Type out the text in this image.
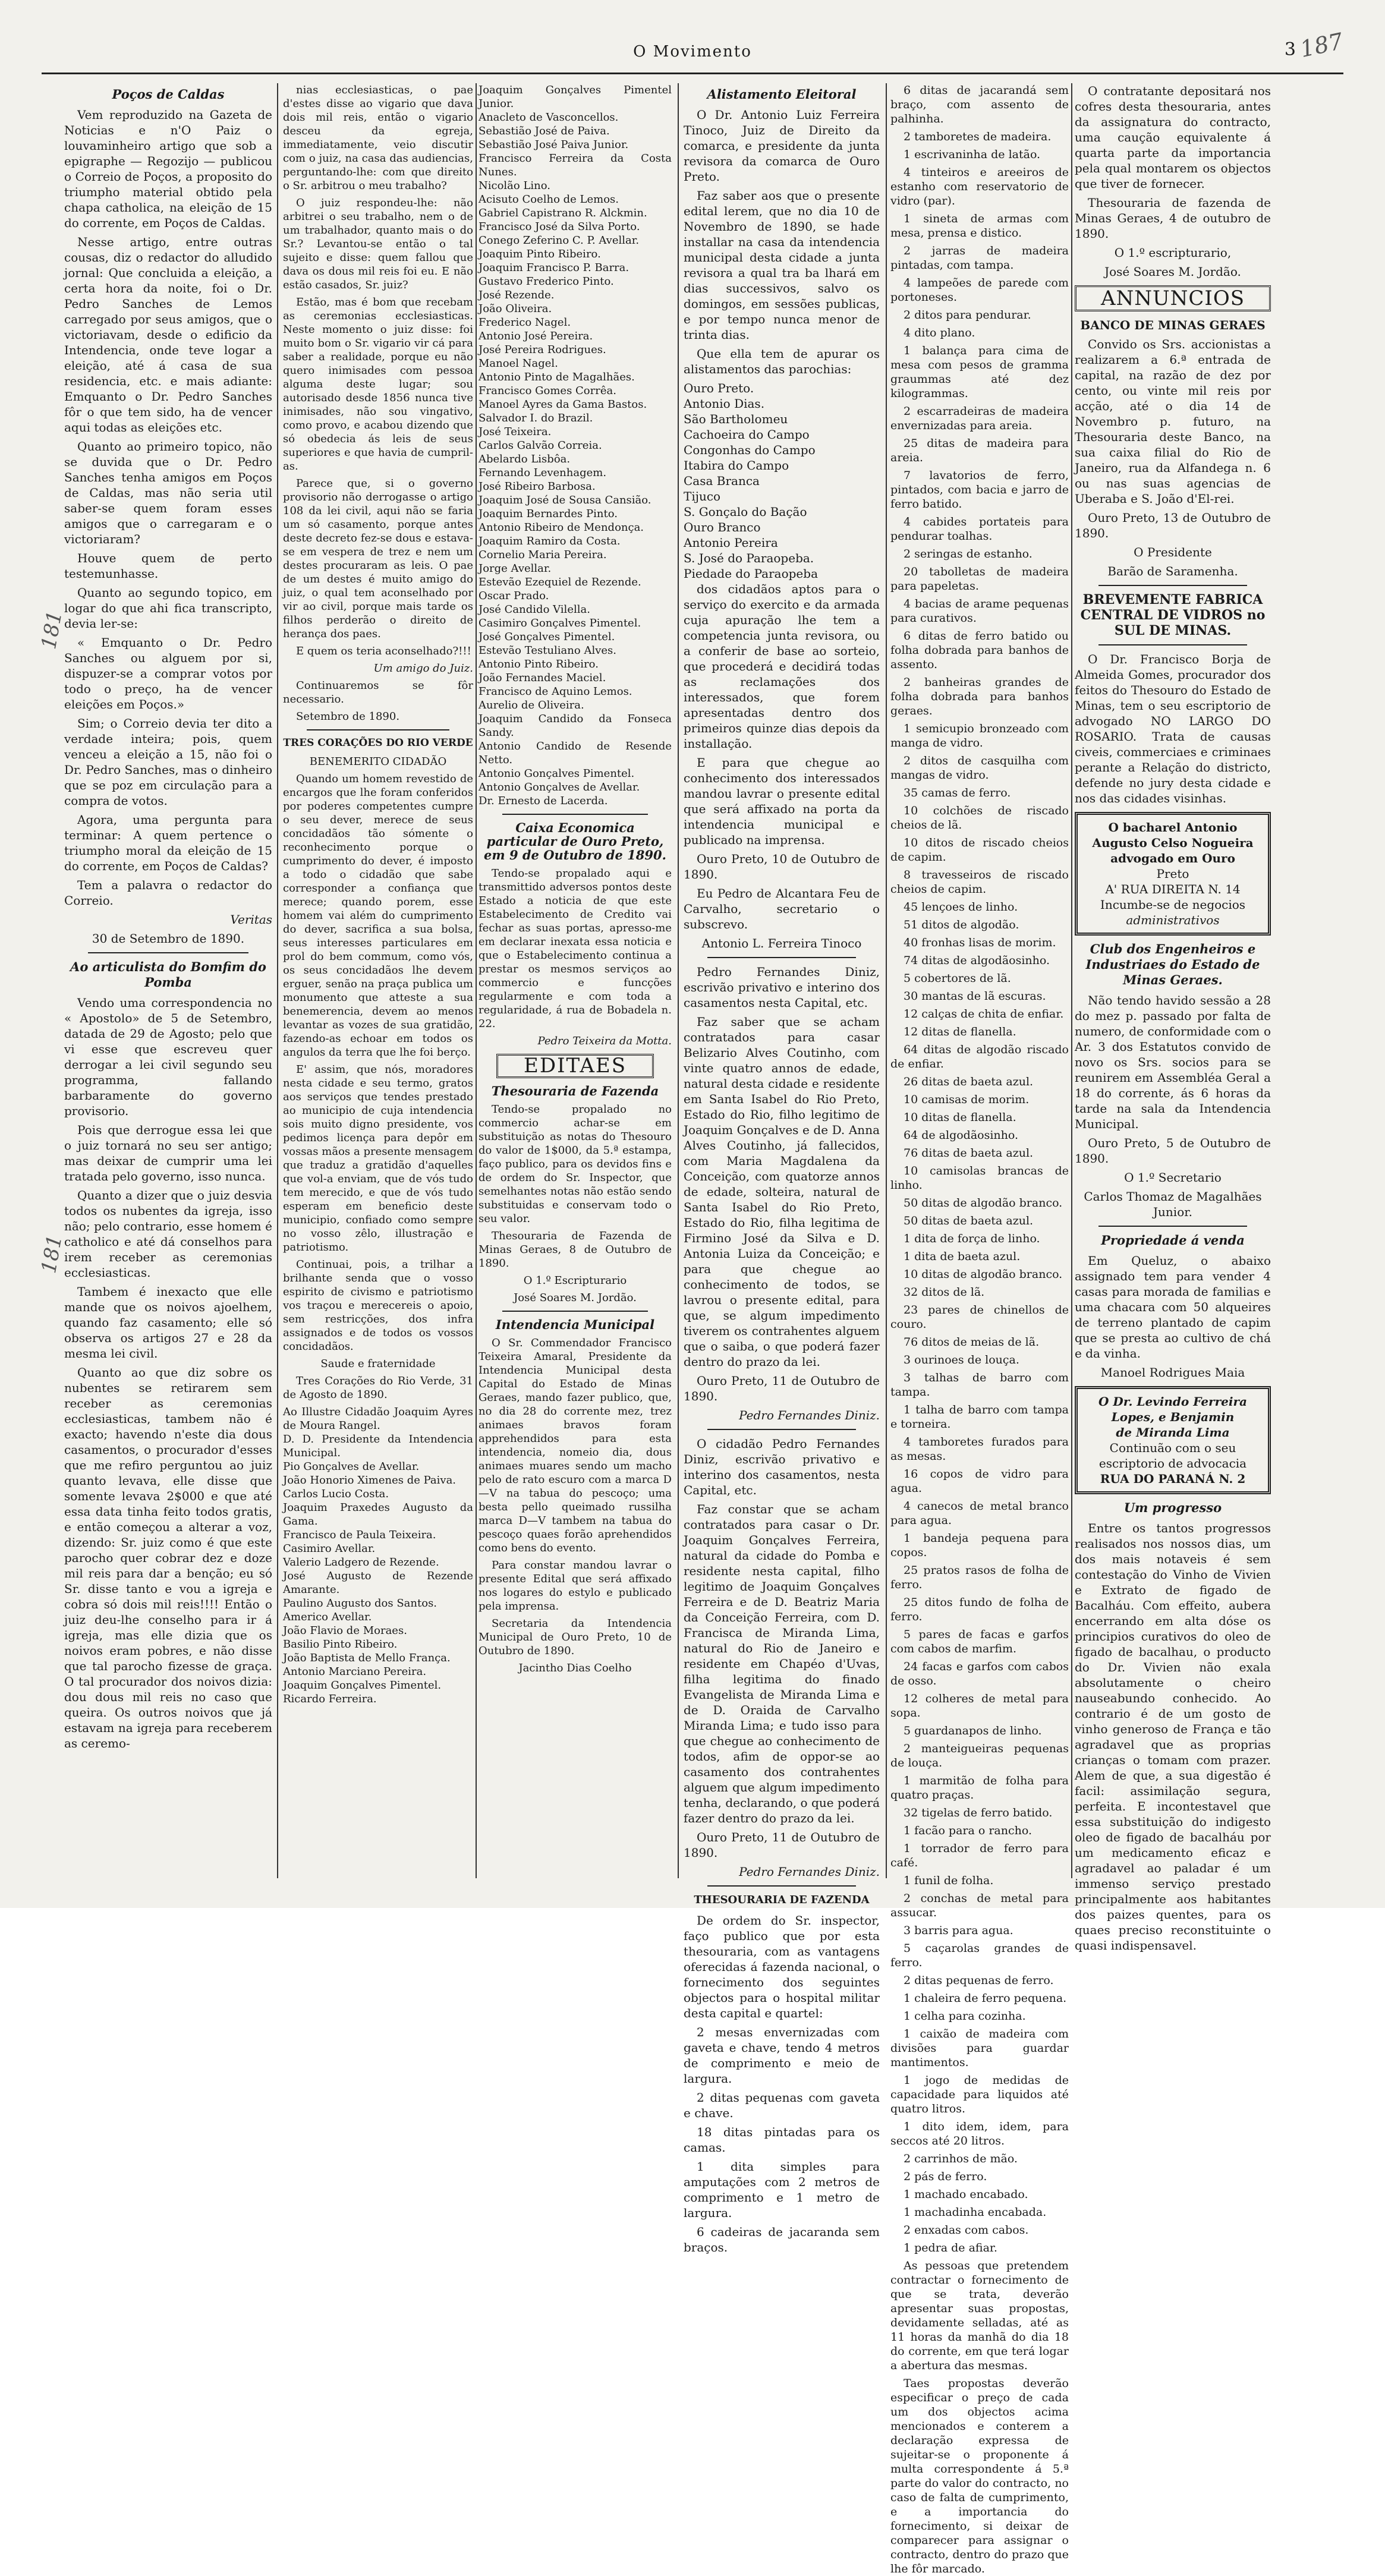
O Movimento	3 187
181
181
Poços de Caldas

Vem reproduzido na Gazeta de Noticias e n'O Paiz o louvaminheiro artigo que sob a epigraphe — Regozijo — publicou o Correio de Poços, a proposito do triumpho material obtido pela chapa catholica, na eleição de 15 do corrente, em Poços de Caldas.

Nesse artigo, entre outras cousas, diz o redactor do alludido jornal: Que concluida a eleição, a certa hora da noite, foi o Dr. Pedro Sanches de Lemos carregado por seus amigos, que o victoriavam, desde o edificio da Intendencia, onde teve logar a eleição, até á casa de sua residencia, etc. e mais adiante: Emquanto o Dr. Pedro Sanches fôr o que tem sido, ha de vencer aqui todas as eleições etc.

Quanto ao primeiro topico, não se duvida que o Dr. Pedro Sanches tenha amigos em Poços de Caldas, mas não seria util saber-se quem foram esses amigos que o carregaram e o victoriaram?

Houve quem de perto testemunhasse.

Quanto ao segundo topico, em logar do que ahi fica transcripto, devia ler-se:

« Emquanto o Dr. Pedro Sanches ou alguem por si, dispuzer-se a comprar votos por todo o preço, ha de vencer eleições em Poços.»

Sim; o Correio devia ter dito a verdade inteira; pois, quem venceu a eleição a 15, não foi o Dr. Pedro Sanches, mas o dinheiro que se poz em circulação para a compra de votos.

Agora, uma pergunta para terminar: A quem pertence o triumpho moral da eleição de 15 do corrente, em Poços de Caldas?

Tem a palavra o redactor do Correio.

Veritas

30 de Setembro de 1890.

Ao articulista do Bomfim do Pomba

Vendo uma correspondencia no « Apostolo» de 5 de Setembro, datada de 29 de Agosto; pelo que vi esse que escreveu quer derrogar a lei civil segundo seu programma, fallando barbaramente do governo provisorio.

Pois que derrogue essa lei que o juiz tornará no seu ser antigo; mas deixar de cumprir uma lei tratada pelo governo, isso nunca.

Quanto a dizer que o juiz desvia todos os nubentes da igreja, isso não; pelo contrario, esse homem é catholico e até dá conselhos para irem receber as ceremonias ecclesiasticas.

Tambem é inexacto que elle mande que os noivos ajoelhem, quando faz casamento; elle só observa os artigos 27 e 28 da mesma lei civil.

Quanto ao que diz sobre os nubentes se retirarem sem receber as ceremonias ecclesiasticas, tambem não é exacto; havendo n'este dia dous casamentos, o procurador d'esses que me refiro perguntou ao juiz quanto levava, elle disse que somente levava 2$000 e que até essa data tinha feito todos gratis, e então começou a alterar a voz, dizendo: Sr. juiz como é que este parocho quer cobrar dez e doze mil reis para dar a benção; eu só Sr. disse tanto e vou a igreja e cobra só dois mil reis!!!! Então o juiz deu-lhe conselho para ir á igreja, mas elle dizia que os noivos eram pobres, e não disse que tal parocho fizesse de graça. O tal procurador dos noivos dizia: dou dous mil reis no caso que queira. Os outros noivos que já estavam na igreja para receberem as ceremo-

nias ecclesiasticas, o pae d'estes disse ao vigario que dava dois mil reis, então o vigario desceu da egreja, immediatamente, veio discutir com o juiz, na casa das audiencias, perguntando-lhe: com que direito o Sr. arbitrou o meu trabalho?

O juiz respondeu-lhe: não arbitrei o seu trabalho, nem o de um trabalhador, quanto mais o do Sr.? Levantou-se então o tal sujeito e disse: quem fallou que dava os dous mil reis foi eu. E não estão casados, Sr. juiz?

Estão, mas é bom que recebam as ceremonias ecclesiasticas. Neste momento o juiz disse: foi muito bom o Sr. vigario vir cá para saber a realidade, porque eu não quero inimisades com pessoa alguma deste lugar; sou autorisado desde 1856 nunca tive inimisades, não sou vingativo, como provo, e acabou dizendo que só obedecia ás leis de seus superiores e que havia de cumpril-as.

Parece que, si o governo provisorio não derrogasse o artigo 108 da lei civil, aqui não se faria um só casamento, porque antes deste decreto fez-se dous e estava-se em vespera de trez e nem um destes procuraram as leis. O pae de um destes é muito amigo do juiz, o qual tem aconselhado por vir ao civil, porque mais tarde os filhos perderão o direito de herança dos paes.

E quem os teria aconselhado?!!!

Um amigo do Juiz.

Continuaremos se fôr necessario.

Setembro de 1890.

TRES CORAÇÕES DO RIO VERDE

BENEMERITO CIDADÃO

Quando um homem revestido de encargos que lhe foram conferidos por poderes competentes cumpre o seu dever, merece de seus concidadãos tão sómente o reconhecimento porque o cumprimento do dever, é imposto a todo o cidadão que sabe corresponder a confiança que merece; quando porem, esse homem vai além do cumprimento do dever, sacrifica a sua bolsa, seus interesses particulares em prol do bem commum, como vós, os seus concidadãos lhe devem erguer, senão na praça publica um monumento que atteste a sua benemerencia, devem ao menos levantar as vozes de sua gratidão, fazendo-as echoar em todos os angulos da terra que lhe foi berço.

E' assim, que nós, moradores nesta cidade e seu termo, gratos aos serviços que tendes prestado ao municipio de cuja intendencia sois muito digno presidente, vos pedimos licença para depôr em vossas mãos a presente mensagem que traduz a gratidão d'aquelles que vol-a enviam, que de vós tudo tem merecido, e que de vós tudo esperam em beneficio deste municipio, confiado como sempre no vosso zêlo, illustração e patriotismo.

Continuai, pois, a trilhar a brilhante senda que o vosso espirito de civismo e patriotismo vos traçou e merecereis o apoio, sem restricções, dos infra assignados e de todos os vossos concidadãos.

Saude e fraternidade

Tres Corações do Rio Verde, 31 de Agosto de 1890.

Ao Illustre Cidadão Joaquim Ayres de Moura Rangel.
D. D. Presidente da Intendencia Municipal.
Pio Gonçalves de Avellar.
João Honorio Ximenes de Paiva.
Carlos Lucio Costa.
Joaquim Praxedes Augusto da Gama.
Francisco de Paula Teixeira.
Casimiro Avellar.
Valerio Ladgero de Rezende.
José Augusto de Rezende Amarante.
Paulino Augusto dos Santos.
Americo Avellar.
João Flavio de Moraes.
Basilio Pinto Ribeiro.
João Baptista de Mello França.
Antonio Marciano Pereira.
Joaquim Gonçalves Pimentel.
Ricardo Ferreira.
Joaquim Gonçalves Pimentel Junior.
Anacleto de Vasconcellos.
Sebastião José de Paiva.
Sebastião José Paiva Junior.
Francisco Ferreira da Costa Nunes.
Nicolão Lino.
Acisuto Coelho de Lemos.
Gabriel Capistrano R. Alckmin.
Francisco José da Silva Porto.
Conego Zeferino C. P. Avellar.
Joaquim Pinto Ribeiro.
Joaquim Francisco P. Barra.
Gustavo Frederico Pinto.
José Rezende.
João Oliveira.
Frederico Nagel.
Antonio José Pereira.
José Pereira Rodrigues.
Manoel Nagel.
Antonio Pinto de Magalhães.
Francisco Gomes Corrêa.
Manoel Ayres da Gama Bastos.
Salvador I. do Brazil.
José Teixeira.
Carlos Galvão Correia.
Abelardo Lisbôa.
Fernando Levenhagem.
José Ribeiro Barbosa.
Joaquim José de Sousa Cansião.
Joaquim Bernardes Pinto.
Antonio Ribeiro de Mendonça.
Joaquim Ramiro da Costa.
Cornelio Maria Pereira.
Jorge Avellar.
Estevão Ezequiel de Rezende.
Oscar Prado.
José Candido Vilella.
Casimiro Gonçalves Pimentel.
José Gonçalves Pimentel.
Estevão Testuliano Alves.
Antonio Pinto Ribeiro.
João Fernandes Maciel.
Francisco de Aquino Lemos.
Aurelio de Oliveira.
Joaquim Candido da Fonseca Sandy.
Antonio Candido de Resende Netto.
Antonio Gonçalves Pimentel.
Antonio Gonçalves de Avellar.
Dr. Ernesto de Lacerda.
Caixa Economica particular de Ouro Preto, em 9 de Outubro de 1890.

Tendo-se propalado aqui e transmittido adversos pontos deste Estado a noticia de que este Estabelecimento de Credito vai fechar as suas portas, apresso-me em declarar inexata essa noticia e que o Estabelecimento continua a prestar os mesmos serviços ao commercio e funcções regularmente e com toda a regularidade, á rua de Bobadela n. 22.

Pedro Teixeira da Motta.

EDITAES
Thesouraria de Fazenda

Tendo-se propalado no commercio achar-se em substituição as notas do Thesouro do valor de 1$000, da 5.ª estampa, faço publico, para os devidos fins e de ordem do Sr. Inspector, que semelhantes notas não estão sendo substituidas e conservam todo o seu valor.

Thesouraria de Fazenda de Minas Geraes, 8 de Outubro de 1890.

O 1.º Escripturario

José Soares M. Jordão.

Intendencia Municipal

O Sr. Commendador Francisco Teixeira Amaral, Presidente da Intendencia Municipal desta Capital do Estado de Minas Geraes, mando fazer publico, que, no dia 28 do corrente mez, trez animaes bravos foram apprehendidos para esta intendencia, nomeio dia, dous animaes muares sendo um macho pelo de rato escuro com a marca D—V na tabua do pescoço; uma besta pello queimado russilha marca D—V tambem na tabua do pescoço quaes forão aprehendidos como bens do evento.

Para constar mandou lavrar o presente Edital que será affixado nos logares do estylo e publicado pela imprensa.

Secretaria da Intendencia Municipal de Ouro Preto, 10 de Outubro de 1890.

Jacintho Dias Coelho

Alistamento Eleitoral

O Dr. Antonio Luiz Ferreira Tinoco, Juiz de Direito da comarca, e presidente da junta revisora da comarca de Ouro Preto.

Faz saber aos que o presente edital lerem, que no dia 10 de Novembro de 1890, se hade installar na casa da intendencia municipal desta cidade a junta revisora a qual tra ba lhará em dias successivos, salvo os domingos, em sessões publicas, e por tempo nunca menor de trinta dias.

Que ella tem de apurar os alistamentos das parochias:

Ouro Preto.
Antonio Dias.
São Bartholomeu
Cachoeira do Campo
Congonhas do Campo
Itabira do Campo
Casa Branca
Tijuco
S. Gonçalo do Bação
Ouro Branco
Antonio Pereira
S. José do Paraopeba.
Piedade do Paraopeba

dos cidadãos aptos para o serviço do exercito e da armada cuja apuração lhe tem a competencia junta revisora, ou a conferir de base ao sorteio, que procederá e decidirá todas as reclamações dos interessados, que forem apresentadas dentro dos primeiros quinze dias depois da installação.

E para que chegue ao conhecimento dos interessados mandou lavrar o presente edital que será affixado na porta da intendencia municipal e publicado na imprensa.

Ouro Preto, 10 de Outubro de 1890.

Eu Pedro de Alcantara Feu de Carvalho, secretario o subscrevo.

Antonio L. Ferreira Tinoco

Pedro Fernandes Diniz, escrivão privativo e interino dos casamentos nesta Capital, etc.

Faz saber que se acham contratados para casar Belizario Alves Coutinho, com vinte quatro annos de edade, natural desta cidade e residente em Santa Isabel do Rio Preto, Estado do Rio, filho legitimo de Joaquim Gonçalves e de D. Anna Alves Coutinho, já fallecidos, com Maria Magdalena da Conceição, com quatorze annos de edade, solteira, natural de Santa Isabel do Rio Preto, Estado do Rio, filha legitima de Firmino José da Silva e D. Antonia Luiza da Conceição; e para que chegue ao conhecimento de todos, se lavrou o presente edital, para que, se algum impedimento tiverem os contrahentes alguem que o saiba, o que poderá fazer dentro do prazo da lei.

Ouro Preto, 11 de Outubro de 1890.

Pedro Fernandes Diniz.

O cidadão Pedro Fernandes Diniz, escrivão privativo e interino dos casamentos, nesta Capital, etc.

Faz constar que se acham contratados para casar o Dr. Joaquim Gonçalves Ferreira, natural da cidade do Pomba e residente nesta capital, filho legitimo de Joaquim Gonçalves Ferreira e de D. Beatriz Maria da Conceição Ferreira, com D. Francisca de Miranda Lima, natural do Rio de Janeiro e residente em Chapéo d'Uvas, filha legitima do finado Evangelista de Miranda Lima e de D. Oraida de Carvalho Miranda Lima; e tudo isso para que chegue ao conhecimento de todos, afim de oppor-se ao casamento dos contrahentes alguem que algum impedimento tenha, declarando, o que poderá fazer dentro do prazo da lei.

Ouro Preto, 11 de Outubro de 1890.

Pedro Fernandes Diniz.

THESOURARIA DE FAZENDA

De ordem do Sr. inspector, faço publico que por esta thesouraria, com as vantagens oferecidas á fazenda nacional, o fornecimento dos seguintes objectos para o hospital militar desta capital e quartel:

2 mesas envernizadas com gaveta e chave, tendo 4 metros de comprimento e meio de largura.

2 ditas pequenas com gaveta e chave.

18 ditas pintadas para os camas.

1 dita simples para amputações com 2 metros de comprimento e 1 metro de largura.

6 cadeiras de jacaranda sem braços.

6 ditas de jacarandá sem braço, com assento de palhinha.

2 tamboretes de madeira.

1 escrivaninha de latão.

4 tinteiros e areeiros de estanho com reservatorio de vidro (par).

1 sineta de armas com mesa, prensa e distico.

2 jarras de madeira pintadas, com tampa.

4 lampeões de parede com portoneses.

2 ditos para pendurar.

4 dito plano.

1 balança para cima de mesa com pesos de gramma graummas até dez kilogrammas.

2 escarradeiras de madeira envernizadas para areia.

25 ditas de madeira para areia.

7 lavatorios de ferro, pintados, com bacia e jarro de ferro batido.

4 cabides portateis para pendurar toalhas.

2 seringas de estanho.

20 tabolletas de madeira para papeletas.

4 bacias de arame pequenas para curativos.

6 ditas de ferro batido ou folha dobrada para banhos de assento.

2 banheiras grandes de folha dobrada para banhos geraes.

1 semicupio bronzeado com manga de vidro.

2 ditos de casquilha com mangas de vidro.

35 camas de ferro.

10 colchões de riscado cheios de lã.

10 ditos de riscado cheios de capim.

8 travesseiros de riscado cheios de capim.

45 lençoes de linho.

51 ditos de algodão.

40 fronhas lisas de morim.

74 ditas de algodãosinho.

5 cobertores de lã.

30 mantas de lã escuras.

12 calças de chita de enfiar.

12 ditas de flanella.

64 ditas de algodão riscado de enfiar.

26 ditas de baeta azul.

10 camisas de morim.

10 ditas de flanella.

64 de algodãosinho.

76 ditas de baeta azul.

10 camisolas brancas de linho.

50 ditas de algodão branco.

50 ditas de baeta azul.

1 dita de força de linho.

1 dita de baeta azul.

10 ditas de algodão branco.

32 ditos de lã.

23 pares de chinellos de couro.

76 ditos de meias de lã.

3 ourinoes de louça.

3 talhas de barro com tampa.

1 talha de barro com tampa e torneira.

4 tamboretes furados para as mesas.

16 copos de vidro para agua.

4 canecos de metal branco para agua.

1 bandeja pequena para copos.

25 pratos rasos de folha de ferro.

25 ditos fundo de folha de ferro.

5 pares de facas e garfos com cabos de marfim.

24 facas e garfos com cabos de osso.

12 colheres de metal para sopa.

5 guardanapos de linho.

2 manteigueiras pequenas de louça.

1 marmitão de folha para quatro praças.

32 tigelas de ferro batido.

1 facão para o rancho.

1 torrador de ferro para café.

1 funil de folha.

2 conchas de metal para assucar.

3 barris para agua.

5 caçarolas grandes de ferro.

2 ditas pequenas de ferro.

1 chaleira de ferro pequena.

1 celha para cozinha.

1 caixão de madeira com divisões para guardar mantimentos.

1 jogo de medidas de capacidade para liquidos até quatro litros.

1 dito idem, idem, para seccos até 20 litros.

2 carrinhos de mão.

2 pás de ferro.

1 machado encabado.

1 machadinha encabada.

2 enxadas com cabos.

1 pedra de afiar.

As pessoas que pretendem contractar o fornecimento de que se trata, deverão apresentar suas propostas, devidamente selladas, até as 11 horas da manhã do dia 18 do corrente, em que terá logar a abertura das mesmas.

Taes propostas deverão especificar o preço de cada um dos objectos acima mencionados e conterem a declaração expressa de sujeitar-se o proponente á multa correspondente á 5.ª parte do valor do contracto, no caso de falta de cumprimento, e a importancia do fornecimento, si deixar de comparecer para assignar o contracto, dentro do prazo que lhe fôr marcado.

O contratante depositará nos cofres desta thesouraria, antes da assignatura do contracto, uma caução equivalente á quarta parte da importancia pela qual montarem os objectos que tiver de fornecer.

Thesouraria de fazenda de Minas Geraes, 4 de outubro de 1890.

O 1.º escripturario,

José Soares M. Jordão.

ANNUNCIOS

BANCO DE MINAS GERAES

Convido os Srs. accionistas a realizarem a 6.ª entrada de capital, na razão de dez por cento, ou vinte mil reis por acção, até o dia 14 de Novembro p. futuro, na Thesouraria deste Banco, na sua caixa filial do Rio de Janeiro, rua da Alfandega n. 6 ou nas suas agencias de Uberaba e S. João d'El-rei.

Ouro Preto, 13 de Outubro de 1890.

O Presidente

Barão de Saramenha.

BREVEMENTE FABRICA CENTRAL DE VIDROS no SUL DE MINAS.

O Dr. Francisco Borja de Almeida Gomes, procurador dos feitos do Thesouro do Estado de Minas, tem o seu escriptorio de advogado NO LARGO DO ROSARIO. Trata de causas civeis, commerciaes e criminaes perante a Relação do districto, defende no jury desta cidade e nos das cidades visinhas.

O bacharel Antonio
Augusto Celso Nogueira advogado em Ouro
Preto
A' RUA DIREITA N. 14
Incumbe-se de negocios
administrativos
Club dos Engenheiros e Industriaes do Estado de Minas Geraes.

Não tendo havido sessão a 28 do mez p. passado por falta de numero, de conformidade com o Ar. 3 dos Estatutos convido de novo os Srs. socios para se reunirem em Assembléa Geral a 18 do corrente, ás 6 horas da tarde na sala da Intendencia Municipal.

Ouro Preto, 5 de Outubro de 1890.

O 1.º Secretario

Carlos Thomaz de Magalhães Junior.

Propriedade á venda

Em Queluz, o abaixo assignado tem para vender 4 casas para morada de familias e uma chacara com 50 alqueires de terreno plantado de capim que se presta ao cultivo de chá e da vinha.

Manoel Rodrigues Maia

O Dr. Levindo Ferreira Lopes, e Benjamin
de Miranda Lima
Continuão com o seu escriptorio de advocacia
RUA DO PARANÁ N. 2
Um progresso

Entre os tantos progressos realisados nos nossos dias, um dos mais notaveis é sem contestação do Vinho de Vivien e Extrato de figado de Bacalháu. Com effeito, aubera encerrando em alta dóse os principios curativos do oleo de figado de bacalhau, o producto do Dr. Vivien não exala absolutamente o cheiro nauseabundo conhecido. Ao contrario é de um gosto de vinho generoso de França e tão agradavel que as proprias crianças o tomam com prazer. Alem de que, a sua digestão é facil: assimilação segura, perfeita. E incontestavel que essa substituição do indigesto oleo de figado de bacalháu por um medicamento eficaz e agradavel ao paladar é um immenso serviço prestado principalmente aos habitantes dos paizes quentes, para os quaes preciso reconstituinte o quasi indispensavel.
